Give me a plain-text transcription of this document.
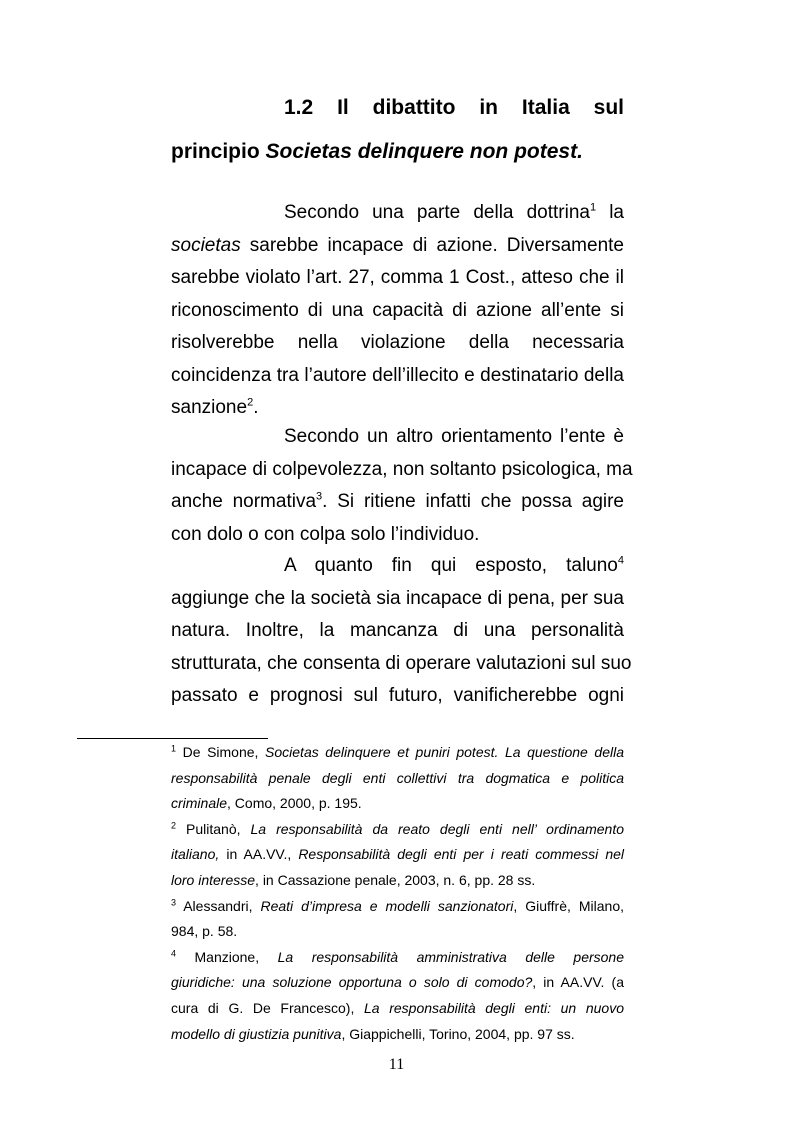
1.2 Il dibattito in Italia sul
principio Societas delinquere non potest.
Secondo una parte della dottrina$^1$ la
societas sarebbe incapace di azione. Diversamente
sarebbe violato l’art. 27, comma 1 Cost., atteso che il
riconoscimento di una capacità di azione all’ente si
risolverebbe nella violazione della necessaria
coincidenza tra l’autore dell’illecito e destinatario della
sanzione$^2$.
Secondo un altro orientamento l’ente è
incapace di colpevolezza, non soltanto psicologica, ma
anche normativa$^3$. Si ritiene infatti che possa agire
con dolo o con colpa solo l’individuo.
A quanto fin qui esposto, taluno$^4$
aggiunge che la società sia incapace di pena, per sua
natura. Inoltre, la mancanza di una personalità
strutturata, che consenta di operare valutazioni sul suo
passato e prognosi sul futuro, vanificherebbe ogni
$^1$ De Simone, Societas delinquere et puniri potest. La questione della
responsabilità penale degli enti collettivi tra dogmatica e politica
criminale, Como, 2000, p. 195.
$^2$ Pulitanò, La responsabilità da reato degli enti nell’ ordinamento
italiano, in AA.VV., Responsabilità degli enti per i reati commessi nel
loro interesse, in Cassazione penale, 2003, n. 6, pp. 28 ss.
$^3$ Alessandri, Reati d’impresa e modelli sanzionatori, Giuffrè, Milano,
984, p. 58.
$^4$ Manzione, La responsabilità amministrativa delle persone
giuridiche: una soluzione opportuna o solo di comodo?, in AA.VV. (a
cura di G. De Francesco), La responsabilità degli enti: un nuovo
modello di giustizia punitiva, Giappichelli, Torino, 2004, pp. 97 ss.
11
